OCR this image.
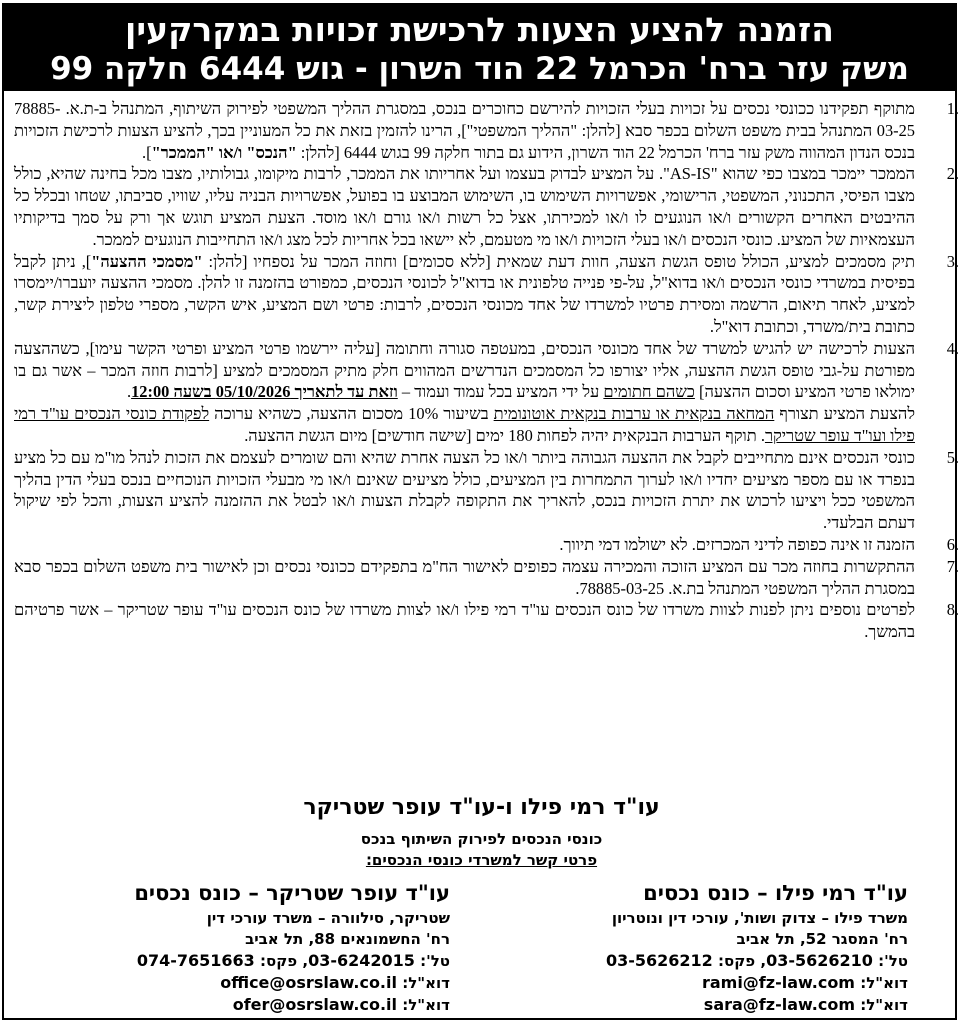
הזמנה להציע הצעות לרכישת זכויות במקרקעין
משק עזר ברח' הכרמל 22 הוד השרון - גוש 6444 חלקה 99
1 .
מתוקף תפקידנו ככונסי נכסים על זכויות בעלי הזכויות להירשם כחוכרים בנכס, במסגרת ההליך המשפטי לפירוק השיתוף, המתנהל ב-ת.א. 78885-03-25 המתנהל בבית משפט השלום בכפר סבא [להלן: "ההליך המשפטי"], הרינו להזמין בזאת את כל המעוניין בכך, להציע הצעות לרכישת הזכויות בנכס הנדון המהווה משק עזר ברח' הכרמל 22 הוד השרון, הידוע גם בתור חלקה 99 בגוש 6444 [להלן: "הנכס" ו/או "הממכר"].
2 .
הממכר יימכר במצבו כפי שהוא "AS-IS". על המציע לבדוק בעצמו ועל אחריותו את הממכר, לרבות מיקומו, גבולותיו, מצבו מכל בחינה שהיא, כולל מצבו הפיסי, התכנוני, המשפטי, הרישומי, אפשרויות השימוש בו, השימוש המבוצע בו בפועל, אפשרויות הבניה עליו, שוויו, סביבתו, שטחו ובכלל כל ההיבטים האחרים הקשורים ו/או הנוגעים לו ו/או למכירתו, אצל כל רשות ו/או גורם ו/או מוסד. הצעת המציע תוגש אך ורק על סמך בדיקותיו העצמאיות של המציע. כונסי הנכסים ו/או בעלי הזכויות ו/או מי מטעמם, לא יישאו בכל אחריות לכל מצג ו/או התחייבות הנוגעים לממכר.
3 .
תיק מסמכים למציע, הכולל טופס הגשת הצעה, חוות דעת שמאית [ללא סכומים] וחוזה המכר על נספחיו [להלן: "מסמכי ההצעה"], ניתן לקבל בפיסית במשרדי כונסי הנכסים ו/או בדוא"ל, על-פי פנייה טלפונית או בדוא"ל לכונסי הנכסים, כמפורט בהזמנה זו להלן. מסמכי ההצעה יועברו/יימסרו למציע, לאחר תיאום, הרשמה ומסירת פרטיו למשרדו של אחד מכונסי הנכסים, לרבות: פרטי ושם המציע, איש הקשר, מספרי טלפון ליצירת קשר, כתובת בית/משרד, וכתובת דוא"ל.
4 .
הצעות לרכישה יש להגיש למשרד של אחד מכונסי הנכסים, במעטפה סגורה וחתומה [עליה יירשמו פרטי המציע ופרטי הקשר עימו], כשההצעה מפורטת על-גבי טופס הגשת ההצעה, אליו יצורפו כל המסמכים הנדרשים המהווים חלק מתיק המסמכים למציע [לרבות חוזה המכר – אשר גם בו ימולאו פרטי המציע וסכום ההצעה] כשהם חתומים על ידי המציע בכל עמוד ועמוד – וזאת עד לתאריך 05/10/2026 בשעה 12:00.
להצעת המציע תצורף המחאה בנקאית או ערבות בנקאית אוטונומית בשיעור 10% מסכום ההצעה, כשהיא ערוכה לפקודת כונסי הנכסים עו"ד רמי פילו ועו"ד עופר שטריקר. תוקף הערבות הבנקאית יהיה לפחות 180 ימים [שישה חודשים] מיום הגשת ההצעה.
5 .
כונסי הנכסים אינם מתחייבים לקבל את ההצעה הגבוהה ביותר ו/או כל הצעה אחרת שהיא והם שומרים לעצמם את הזכות לנהל מו"מ עם כל מציע בנפרד או עם מספר מציעים יחדיו ו/או לערוך התמחרות בין המציעים, כולל מציעים שאינם ו/או מי מבעלי הזכויות הנוכחיים בנכס בעלי הדין בהליך המשפטי ככל ויציעו לרכוש את יתרת הזכויות בנכס, להאריך את התקופה לקבלת הצעות ו/או לבטל את ההזמנה להציע הצעות, והכל לפי שיקול דעתם הבלעדי.
6 .
הזמנה זו אינה כפופה לדיני המכרזים. לא ישולמו דמי תיווך.
7 .
ההתקשרות בחוזה מכר עם המציע הזוכה והמכירה עצמה כפופים לאישור הח"מ בתפקידם ככונסי נכסים וכן לאישור בית משפט השלום בכפר סבא במסגרת ההליך המשפטי המתנהל בת.א. 78885-03-25.
8 .
לפרטים נוספים ניתן לפנות לצוות משרדו של כונס הנכסים עו"ד רמי פילו ו/או לצוות משרדו של כונס הנכסים עו"ד עופר שטריקר – אשר פרטיהם בהמשך.
עו"ד רמי פילו ו-עו"ד עופר שטריקר
כונסי הנכסים לפירוק השיתוף בנכס
פרטי קשר למשרדי כונסי הנכסים:
עו"ד רמי פילו – כונס נכסים
משרד פילו – צדוק ושות', עורכי דין ונוטריון
רח' המסגר 52, תל אביב
טל': 03-5626210, פקס: 03-5626212
דוא"ל: rami@fz-law.com
דוא"ל: sara@fz-law.com
עו"ד עופר שטריקר – כונס נכסים
שטריקר, סילוורה – משרד עורכי דין
רח' החשמונאים 88, תל אביב
טל': 03-6242015, פקס: 074-7651663
דוא"ל: office@osrslaw.co.il
דוא"ל: ofer@osrslaw.co.il
